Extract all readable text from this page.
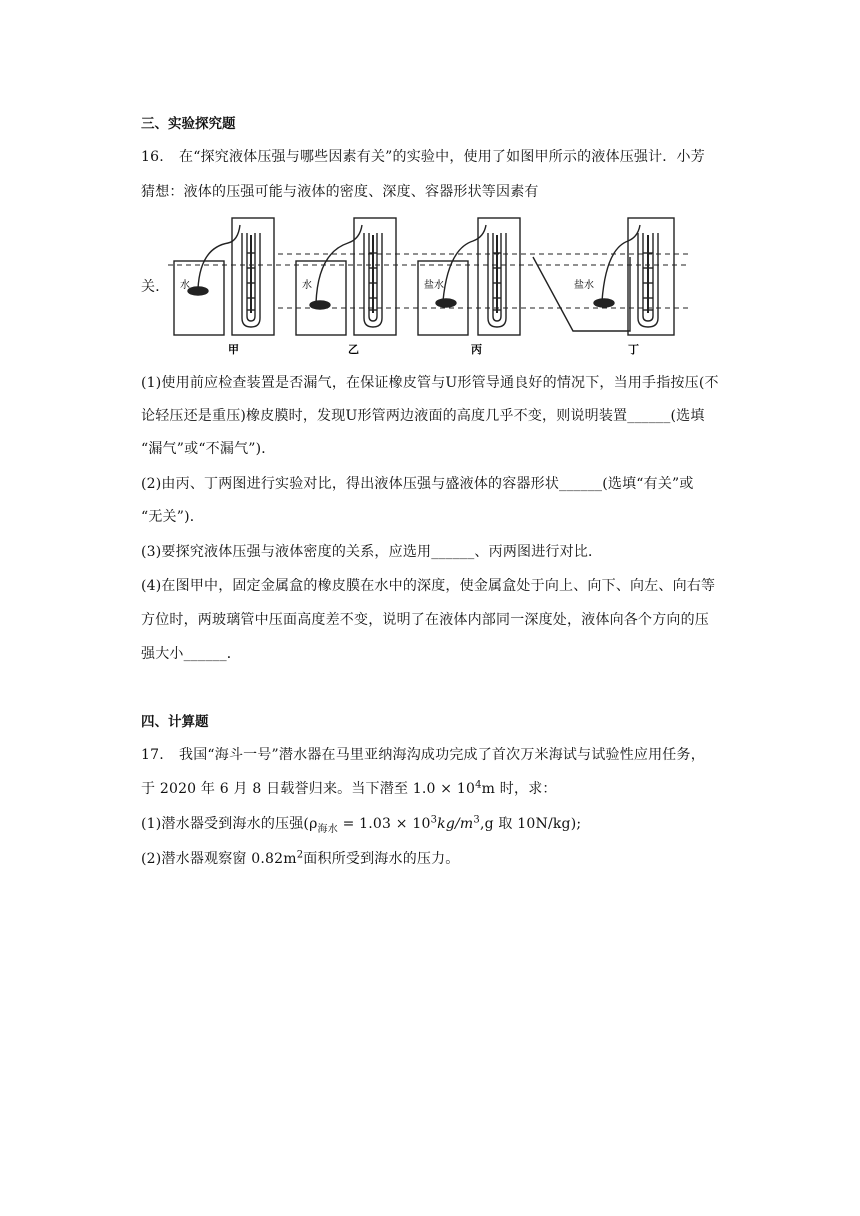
三、实验探究题
16. 在“探究液体压强与哪些因素有关”的实验中，使用了如图甲所示的液体压强计．小芳
猜想：液体的压强可能与液体的密度、深度、容器形状等因素有
关． 水	水	盐水	盐水
甲	乙	丙	丁
(1)使用前应检查装置是否漏气，在保证橡皮管与U形管导通良好的情况下，当用手指按压(不
论轻压还是重压)橡皮膜时，发现U形管两边液面的高度几乎不变，则说明装置______(选填
“漏气”或“不漏气”)．
(2)由丙、丁两图进行实验对比，得出液体压强与盛液体的容器形状______(选填“有关”或
“无关”)．
(3)要探究液体压强与液体密度的关系，应选用______、丙两图进行对比．
(4)在图甲中，固定金属盒的橡皮膜在水中的深度，使金属盒处于向上、向下、向左、向右等
方位时，两玻璃管中压面高度差不变，说明了在液体内部同一深度处，液体向各个方向的压
强大小______．
四、计算题
17. 我国“海斗一号”潜水器在马里亚纳海沟成功完成了首次万米海试与试验性应用任务，
于 2020 年 6 月 8 日载誉归来。当下潜至 $1.0 \times 10^4m$ 时，求：
(1)潜水器受到海水的压强($\rho_{海水} = 1.03 \times 10^3kg/m^3,g$ 取 10N/kg);
(2)潜水器观察窗 $0.82m^2$面积所受到海水的压力。
